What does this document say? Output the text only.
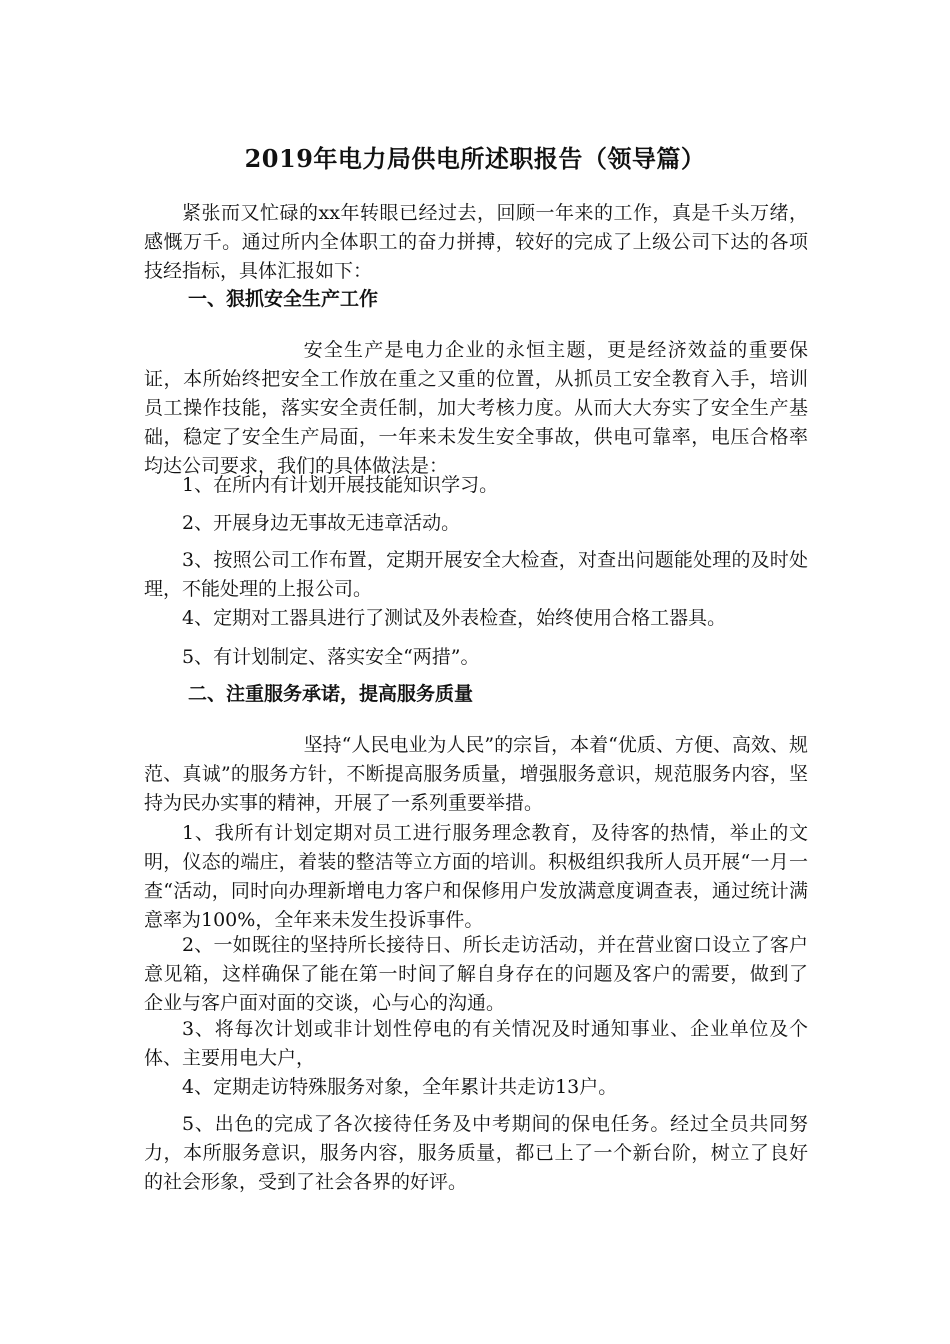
2019年电力局供电所述职报告（领导篇）

紧张而又忙碌的xx年转眼已经过去，回顾一年来的工作，真是千头万绪，感慨万千。通过所内全体职工的奋力拼搏，较好的完成了上级公司下达的各项技经指标，具体汇报如下：

一、狠抓安全生产工作

安全生产是电力企业的永恒主题，更是经济效益的重要保证，本所始终把安全工作放在重之又重的位置，从抓员工安全教育入手，培训员工操作技能，落实安全责任制，加大考核力度。从而大大夯实了安全生产基础，稳定了安全生产局面，一年来未发生安全事故，供电可靠率，电压合格率均达公司要求，我们的具体做法是：

1、在所内有计划开展技能知识学习。

2、开展身边无事故无违章活动。

3、按照公司工作布置，定期开展安全大检查，对查出问题能处理的及时处理，不能处理的上报公司。

4、定期对工器具进行了测试及外表检查，始终使用合格工器具。

5、有计划制定、落实安全“两措”。

二、注重服务承诺，提高服务质量

坚持“人民电业为人民”的宗旨，本着“优质、方便、高效、规范、真诚”的服务方针，不断提高服务质量，增强服务意识，规范服务内容，坚持为民办实事的精神，开展了一系列重要举措。

1、我所有计划定期对员工进行服务理念教育，及待客的热情，举止的文明，仪态的端庄，着装的整洁等立方面的培训。积极组织我所人员开展“一月一查“活动，同时向办理新增电力客户和保修用户发放满意度调查表，通过统计满意率为100%，全年来未发生投诉事件。

2、一如既往的坚持所长接待日、所长走访活动，并在营业窗口设立了客户意见箱，这样确保了能在第一时间了解自身存在的问题及客户的需要，做到了企业与客户面对面的交谈，心与心的沟通。

3、将每次计划或非计划性停电的有关情况及时通知事业、企业单位及个体、主要用电大户，

4、定期走访特殊服务对象，全年累计共走访13户。

5、出色的完成了各次接待任务及中考期间的保电任务。经过全员共同努力，本所服务意识，服务内容，服务质量，都已上了一个新台阶，树立了良好的社会形象，受到了社会各界的好评。
